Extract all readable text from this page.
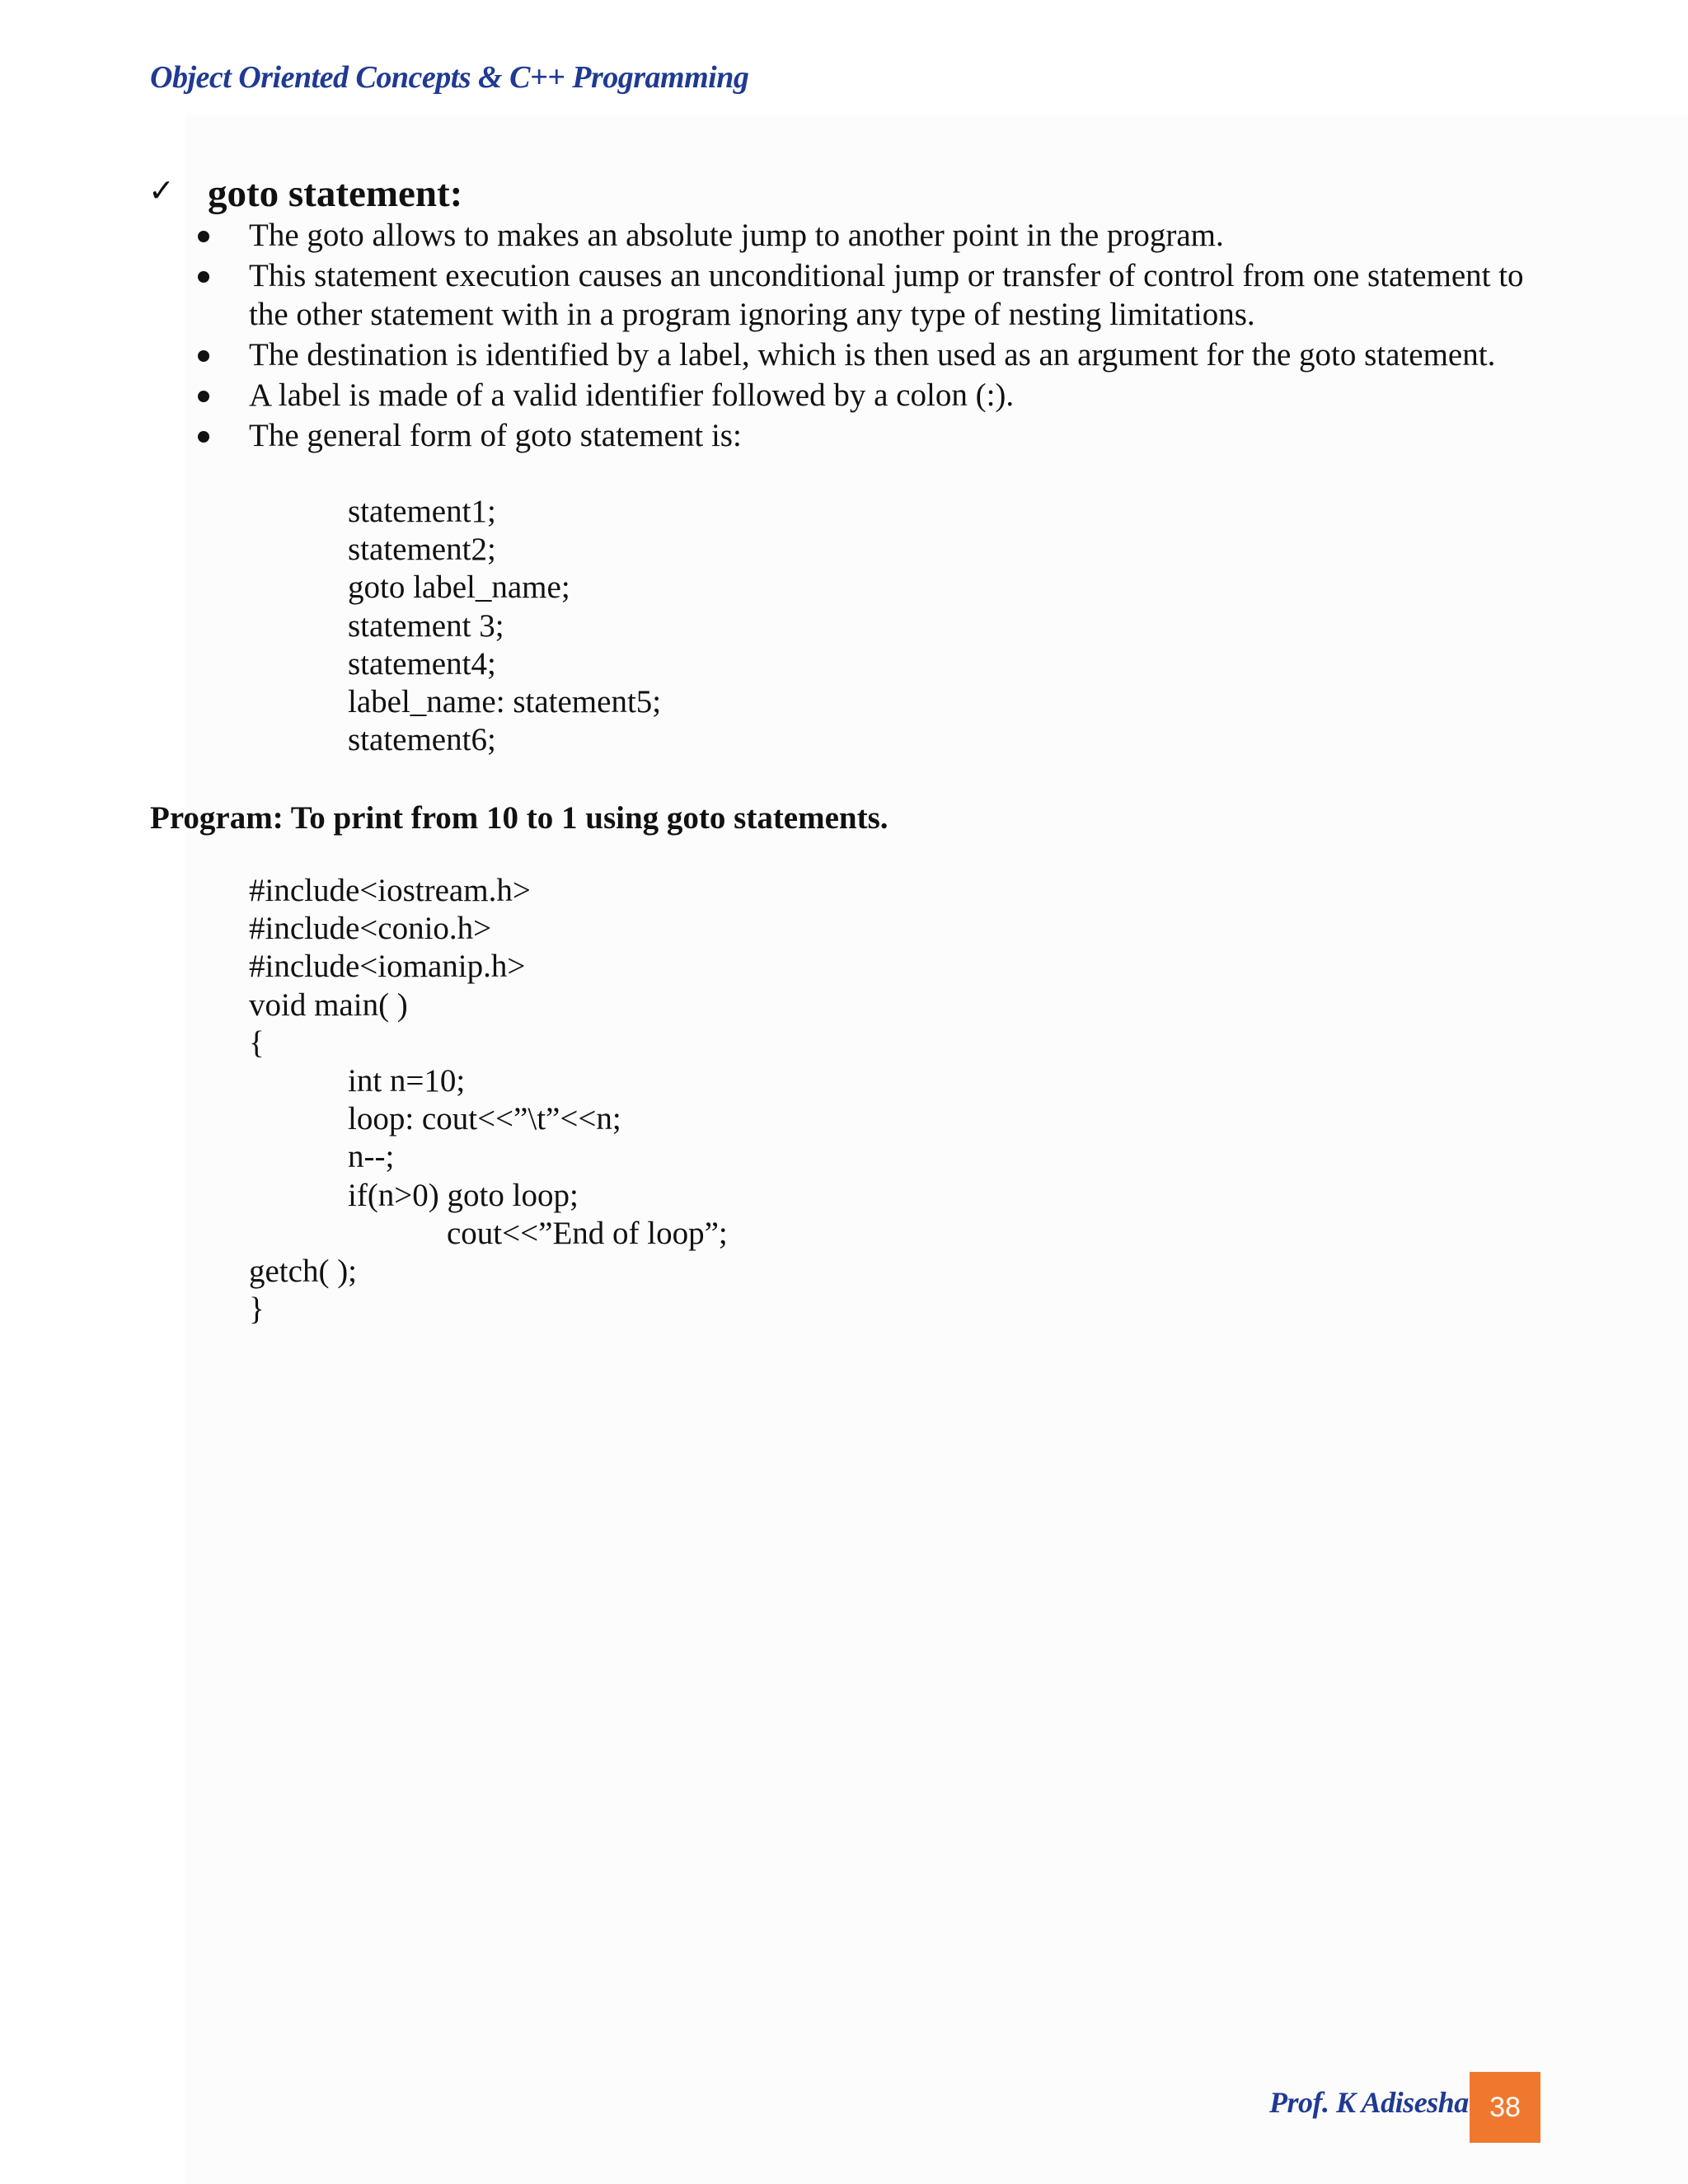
Object Oriented Concepts & C++ Programming
✓ goto statement:
The goto allows to makes an absolute jump to another point in the program.
This statement execution causes an unconditional jump or transfer of control from one statement to the other statement with in a program ignoring any type of nesting limitations.
The destination is identified by a label, which is then used as an argument for the goto statement.
A label is made of a valid identifier followed by a colon (:).
The general form of goto statement is:
statement1;
statement2;
goto label_name;
statement 3;
statement4;
label_name: statement5;
statement6;
Program: To print from 10 to 1 using goto statements.
#include<iostream.h>
#include<conio.h>
#include<iomanip.h>
void main( )
{
int n=10;
loop: cout<<”\t”<<n;
n--;
if(n>0) goto loop;
cout<<”End of loop”;
getch( );
}
Prof. K Adisesha 38
